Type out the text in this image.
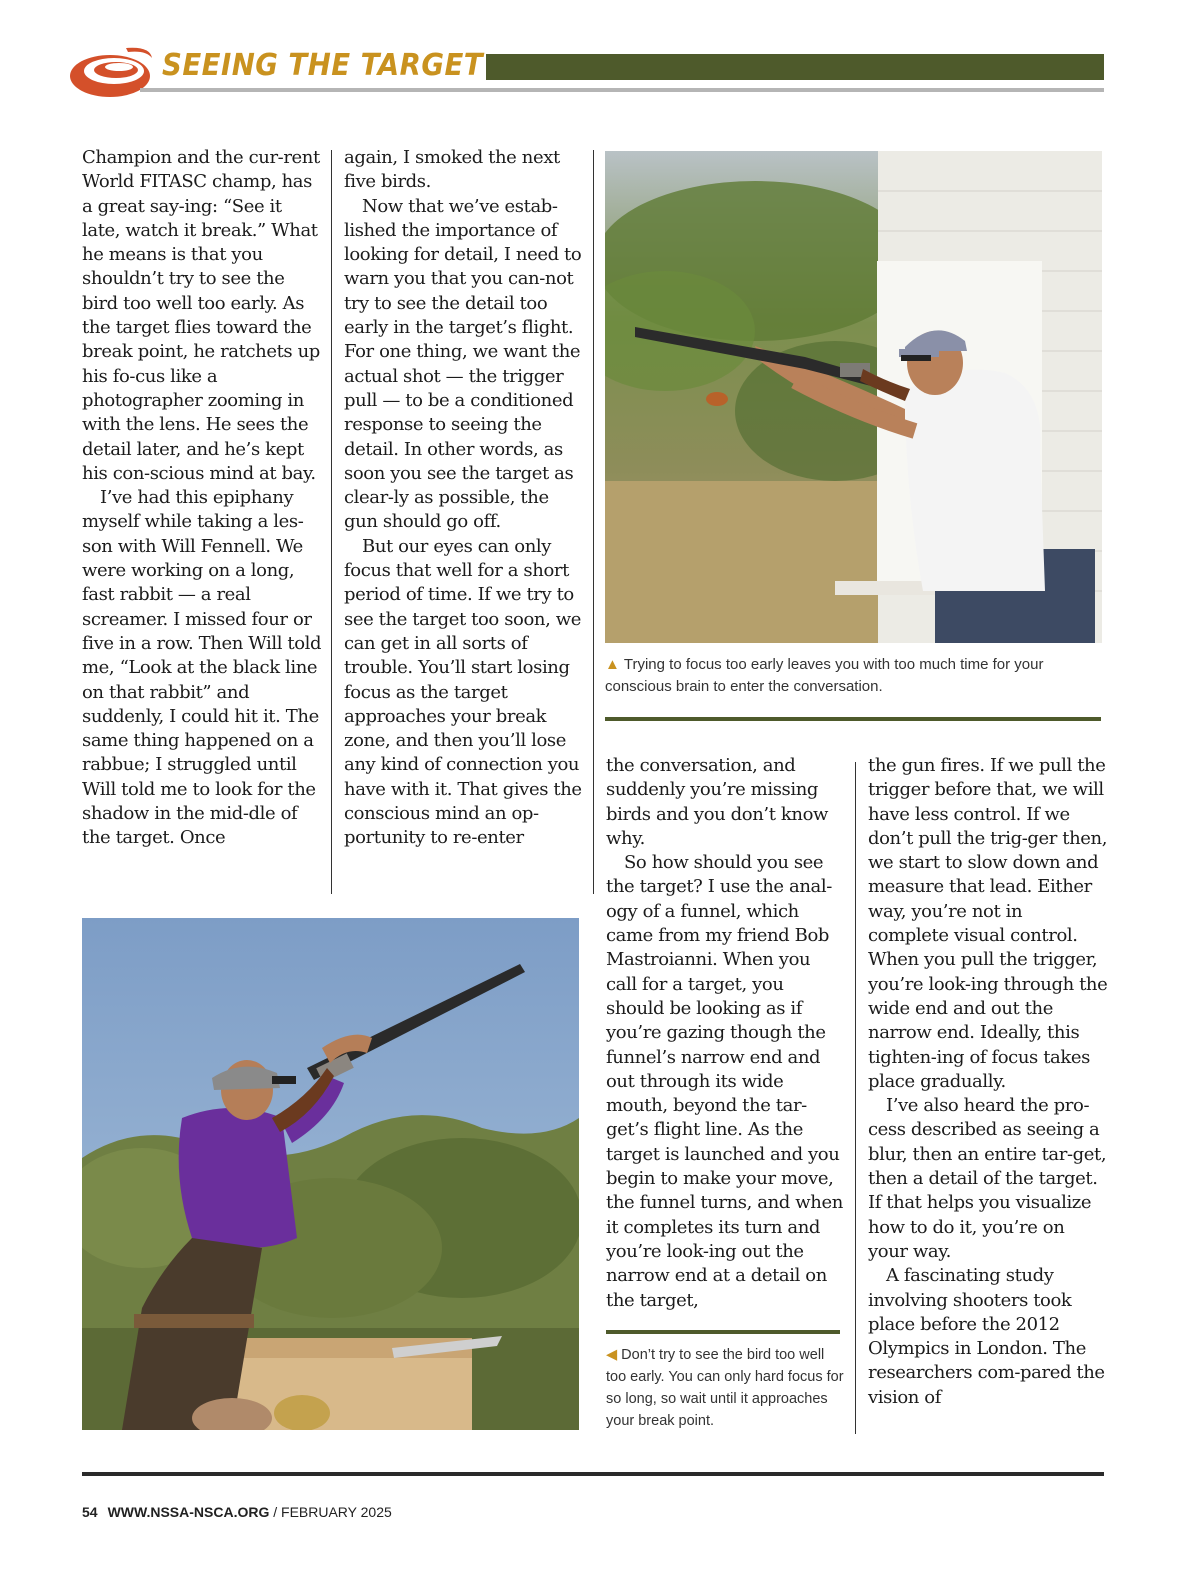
SEEING THE TARGET

Champion and the cur-rent World FITASC champ, has a great say-ing: “See it late, watch it break.” What he means is that you shouldn’t try to see the bird too well too early. As the target flies toward the break point, he ratchets up his fo-cus like a photographer zooming in with the lens. He sees the detail later, and he’s kept his con-scious mind at bay.

I’ve had this epiphany myself while taking a les-son with Will Fennell. We were working on a long, fast rabbit — a real screamer. I missed four or five in a row. Then Will told me, “Look at the black line on that rabbit” and suddenly, I could hit it. The same thing happened on a rabbue; I struggled until Will told me to look for the shadow in the mid-dle of the target. Once

again, I smoked the next five birds.

Now that we’ve estab-lished the importance of looking for detail, I need to warn you that you can-not try to see the detail too early in the target’s flight. For one thing, we want the actual shot — the trigger pull — to be a conditioned response to seeing the detail. In other words, as soon you see the target as clear-ly as possible, the gun should go off.

But our eyes can only focus that well for a short period of time. If we try to see the target too soon, we can get in all sorts of trouble. You’ll start losing focus as the target approaches your break zone, and then you’ll lose any kind of connection you have with it. That gives the conscious mind an op-portunity to re-enter

▲ Trying to focus too early leaves you with too much time for your conscious brain to enter the conversation.

the conversation, and suddenly you’re missing birds and you don’t know why.

So how should you see the target? I use the anal-ogy of a funnel, which came from my friend Bob Mastroianni. When you call for a target, you should be looking as if you’re gazing though the funnel’s narrow end and out through its wide mouth, beyond the tar-get’s flight line. As the target is launched and you begin to make your move, the funnel turns, and when it completes its turn and you’re look-ing out the narrow end at a detail on the target,

the gun fires. If we pull the trigger before that, we will have less control. If we don’t pull the trig-ger then, we start to slow down and measure that lead. Either way, you’re not in complete visual control. When you pull the trigger, you’re look-ing through the wide end and out the narrow end. Ideally, this tighten-ing of focus takes place gradually.

I’ve also heard the pro-cess described as seeing a blur, then an entire tar-get, then a detail of the target. If that helps you visualize how to do it, you’re on your way.

A fascinating study involving shooters took place before the 2012 Olympics in London. The researchers com-pared the vision of

◀ Don’t try to see the bird too well too early. You can only hard focus for so long, so wait until it approaches your break point.
54 WWW.NSSA-NSCA.ORG / FEBRUARY 2025
